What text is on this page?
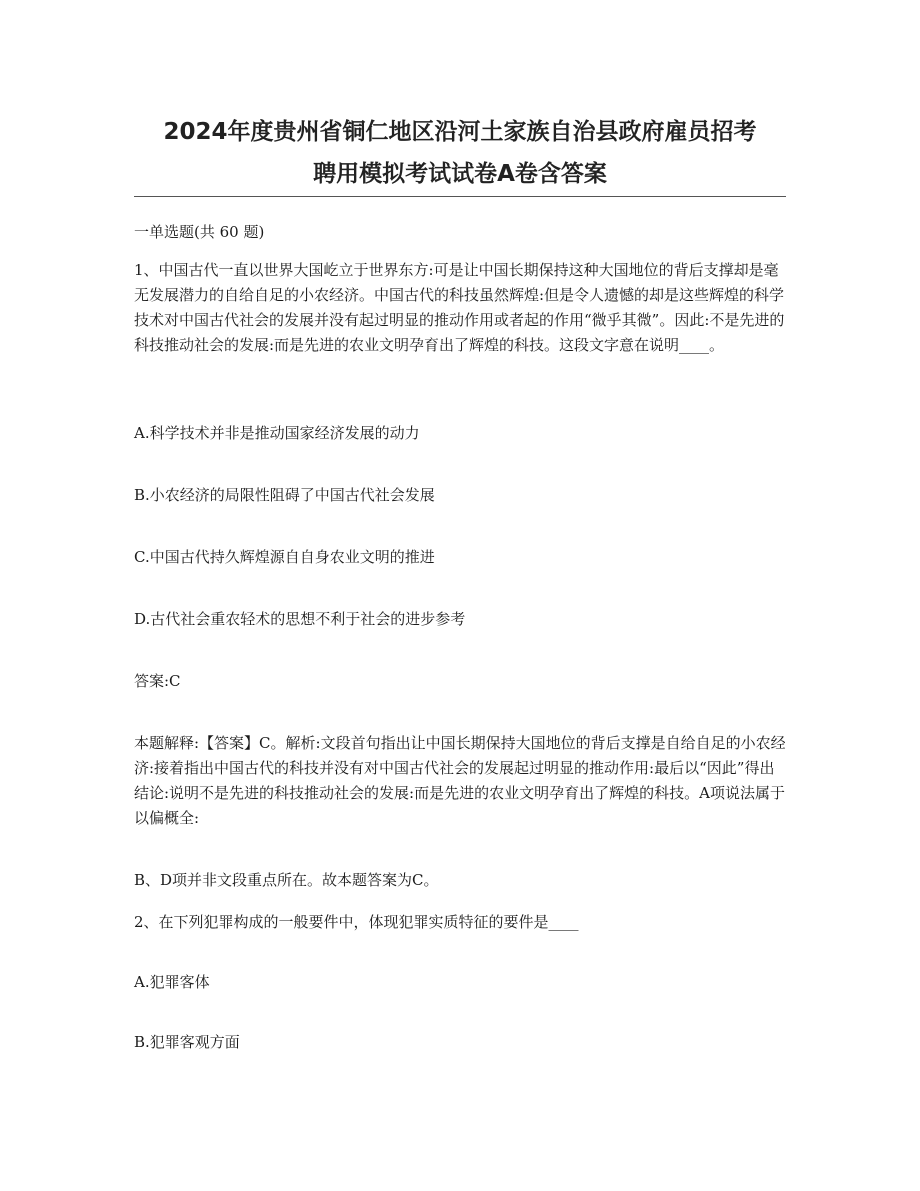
2024年度贵州省铜仁地区沿河土家族自治县政府雇员招考
聘用模拟考试试卷A卷含答案

一单选题(共 60 题)

1、中国古代一直以世界大国屹立于世界东方:可是让中国长期保持这种大国地位的背后支撑却是毫无发展潜力的自给自足的小农经济。中国古代的科技虽然辉煌:但是令人遗憾的却是这些辉煌的科学技术对中国古代社会的发展并没有起过明显的推动作用或者起的作用“微乎其微”。因此:不是先进的科技推动社会的发展:而是先进的农业文明孕育出了辉煌的科技。这段文字意在说明____。

A.科学技术并非是推动国家经济发展的动力

B.小农经济的局限性阻碍了中国古代社会发展

C.中国古代持久辉煌源自自身农业文明的推进

D.古代社会重农轻术的思想不利于社会的进步参考

答案:C

本题解释:【答案】C。解析:文段首句指出让中国长期保持大国地位的背后支撑是自给自足的小农经济:接着指出中国古代的科技并没有对中国古代社会的发展起过明显的推动作用:最后以“因此”得出结论:说明不是先进的科技推动社会的发展:而是先进的农业文明孕育出了辉煌的科技。A项说法属于以偏概全:

B、D项并非文段重点所在。故本题答案为C。

2、在下列犯罪构成的一般要件中，体现犯罪实质特征的要件是____

A.犯罪客体

B.犯罪客观方面
